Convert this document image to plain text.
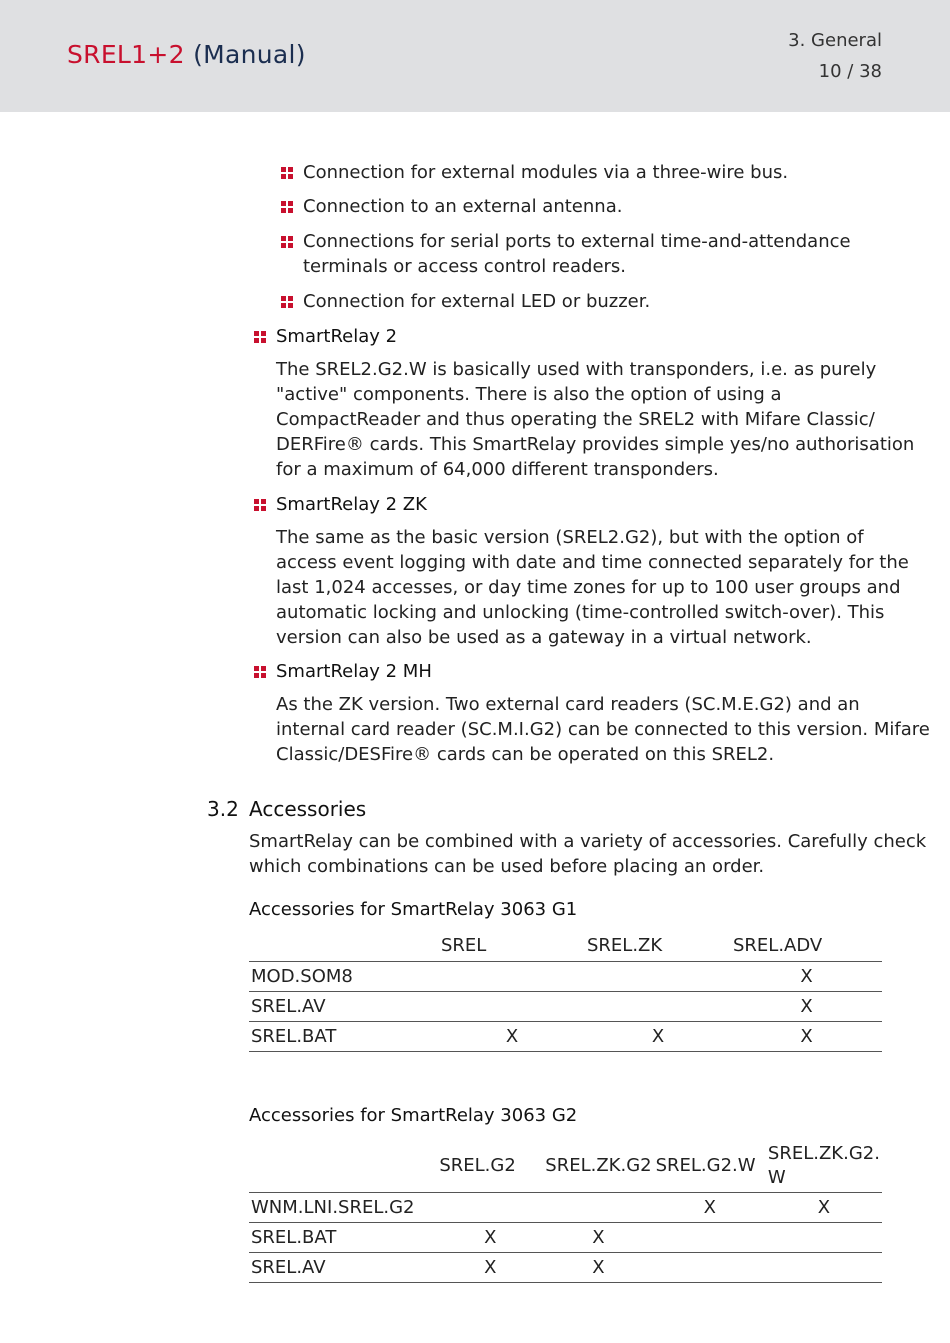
SREL1+2 (Manual)	3. General
10 / 38
Connection for external modules via a three-wire bus.
Connection to an external antenna.
Connections for serial ports to external time-and-attendance
terminals or access control readers.
Connection for external LED or buzzer.
SmartRelay 2
The SREL2.G2.W is basically used with transponders, i.e. as purely
"active" components. There is also the option of using a
CompactReader and thus operating the SREL2 with Mifare Classic/
DERFire® cards. This SmartRelay provides simple yes/no authorisation
for a maximum of 64,000 different transponders.
SmartRelay 2 ZK
The same as the basic version (SREL2.G2), but with the option of
access event logging with date and time connected separately for the
last 1,024 accesses, or day time zones for up to 100 user groups and
automatic locking and unlocking (time-controlled switch-over). This
version can also be used as a gateway in a virtual network.
SmartRelay 2 MH
As the ZK version. Two external card readers (SC.M.E.G2) and an
internal card reader (SC.M.I.G2) can be connected to this version. Mifare
Classic/DESFire® cards can be operated on this SREL2.
3.2 Accessories
SmartRelay can be combined with a variety of accessories. Carefully check
which combinations can be used before placing an order.
Accessories for SmartRelay 3063 G1
	SREL	SREL.ZK	SREL.ADV
MOD.SOM8			X
SREL.AV			X
SREL.BAT	X	X	X
Accessories for SmartRelay 3063 G2
	SREL.G2	SREL.ZK.G2	SREL.G2.W	SREL.ZK.G2.
W

WNM.LNI.SREL.G2			X	X
SREL.BAT	X	X		
SREL.AV	X	X		
